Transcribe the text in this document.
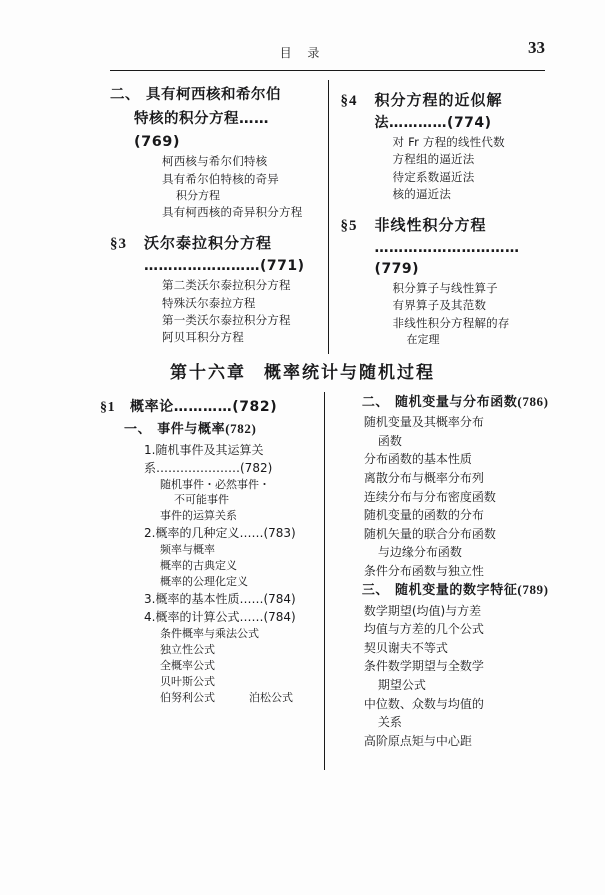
目 录	33
二、 具有柯西核和希尔伯
特核的积分方程……(769)
柯西核与希尔们特核
具有希尔伯特核的奇异
积分方程
具有柯西核的奇异积分方程
§3 沃尔泰拉积分方程
……………………(771)
第二类沃尔泰拉积分方程
特殊沃尔泰拉方程
第一类沃尔泰拉积分方程
阿贝耳积分方程
§4 积分方程的近似解
法…………(774)
对 Fr 方程的线性代数
方程组的逼近法
待定系数逼近法
核的逼近法
§5 非线性积分方程
…………………………(779)
积分算子与线性算子
有界算子及其范数
非线性积分方程解的存
在定理
第十六章 概率统计与随机过程
§1 概率论…………(782)
一、 事件与概率(782)
1.随机事件及其运算关
系…………………(782)
随机事件・必然事件・
不可能事件
事件的运算关系
2.概率的几种定义……(783)
频率与概率
概率的古典定义
概率的公理化定义
3.概率的基本性质……(784)
4.概率的计算公式……(784)
条件概率与乘法公式
独立性公式
全概率公式
贝叶斯公式
伯努利公式	泊松公式
二、 随机变量与分布函数(786)
随机变量及其概率分布
函数
分布函数的基本性质
离散分布与概率分布列
连续分布与分布密度函数
随机变量的函数的分布
随机矢量的联合分布函数
与边缘分布函数
条件分布函数与独立性
三、 随机变量的数字特征(789)
数学期望(均值)与方差
均值与方差的几个公式
契贝谢夫不等式
条件数学期望与全数学
期望公式
中位数、众数与均值的
关系
高阶原点矩与中心距
